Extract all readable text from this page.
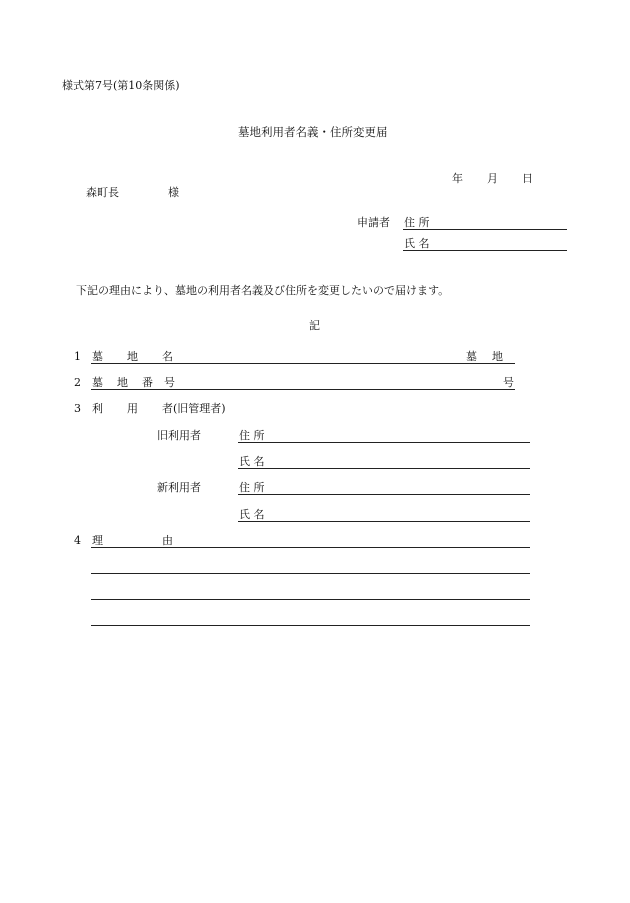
様式第7号(第10条関係)
墓地利用者名義・住所変更届
年 月 日
森町長	様
申請者 住 所
氏 名
下記の理由により、墓地の利用者名義及び住所を変更したいので届けます。
記
1 墓 地 名	墓　地
2 墓 地 番 号	号
3 利 用 者(旧管理者)
旧利用者	住 所
氏 名
新利用者	住 所
氏 名
4 理	由
